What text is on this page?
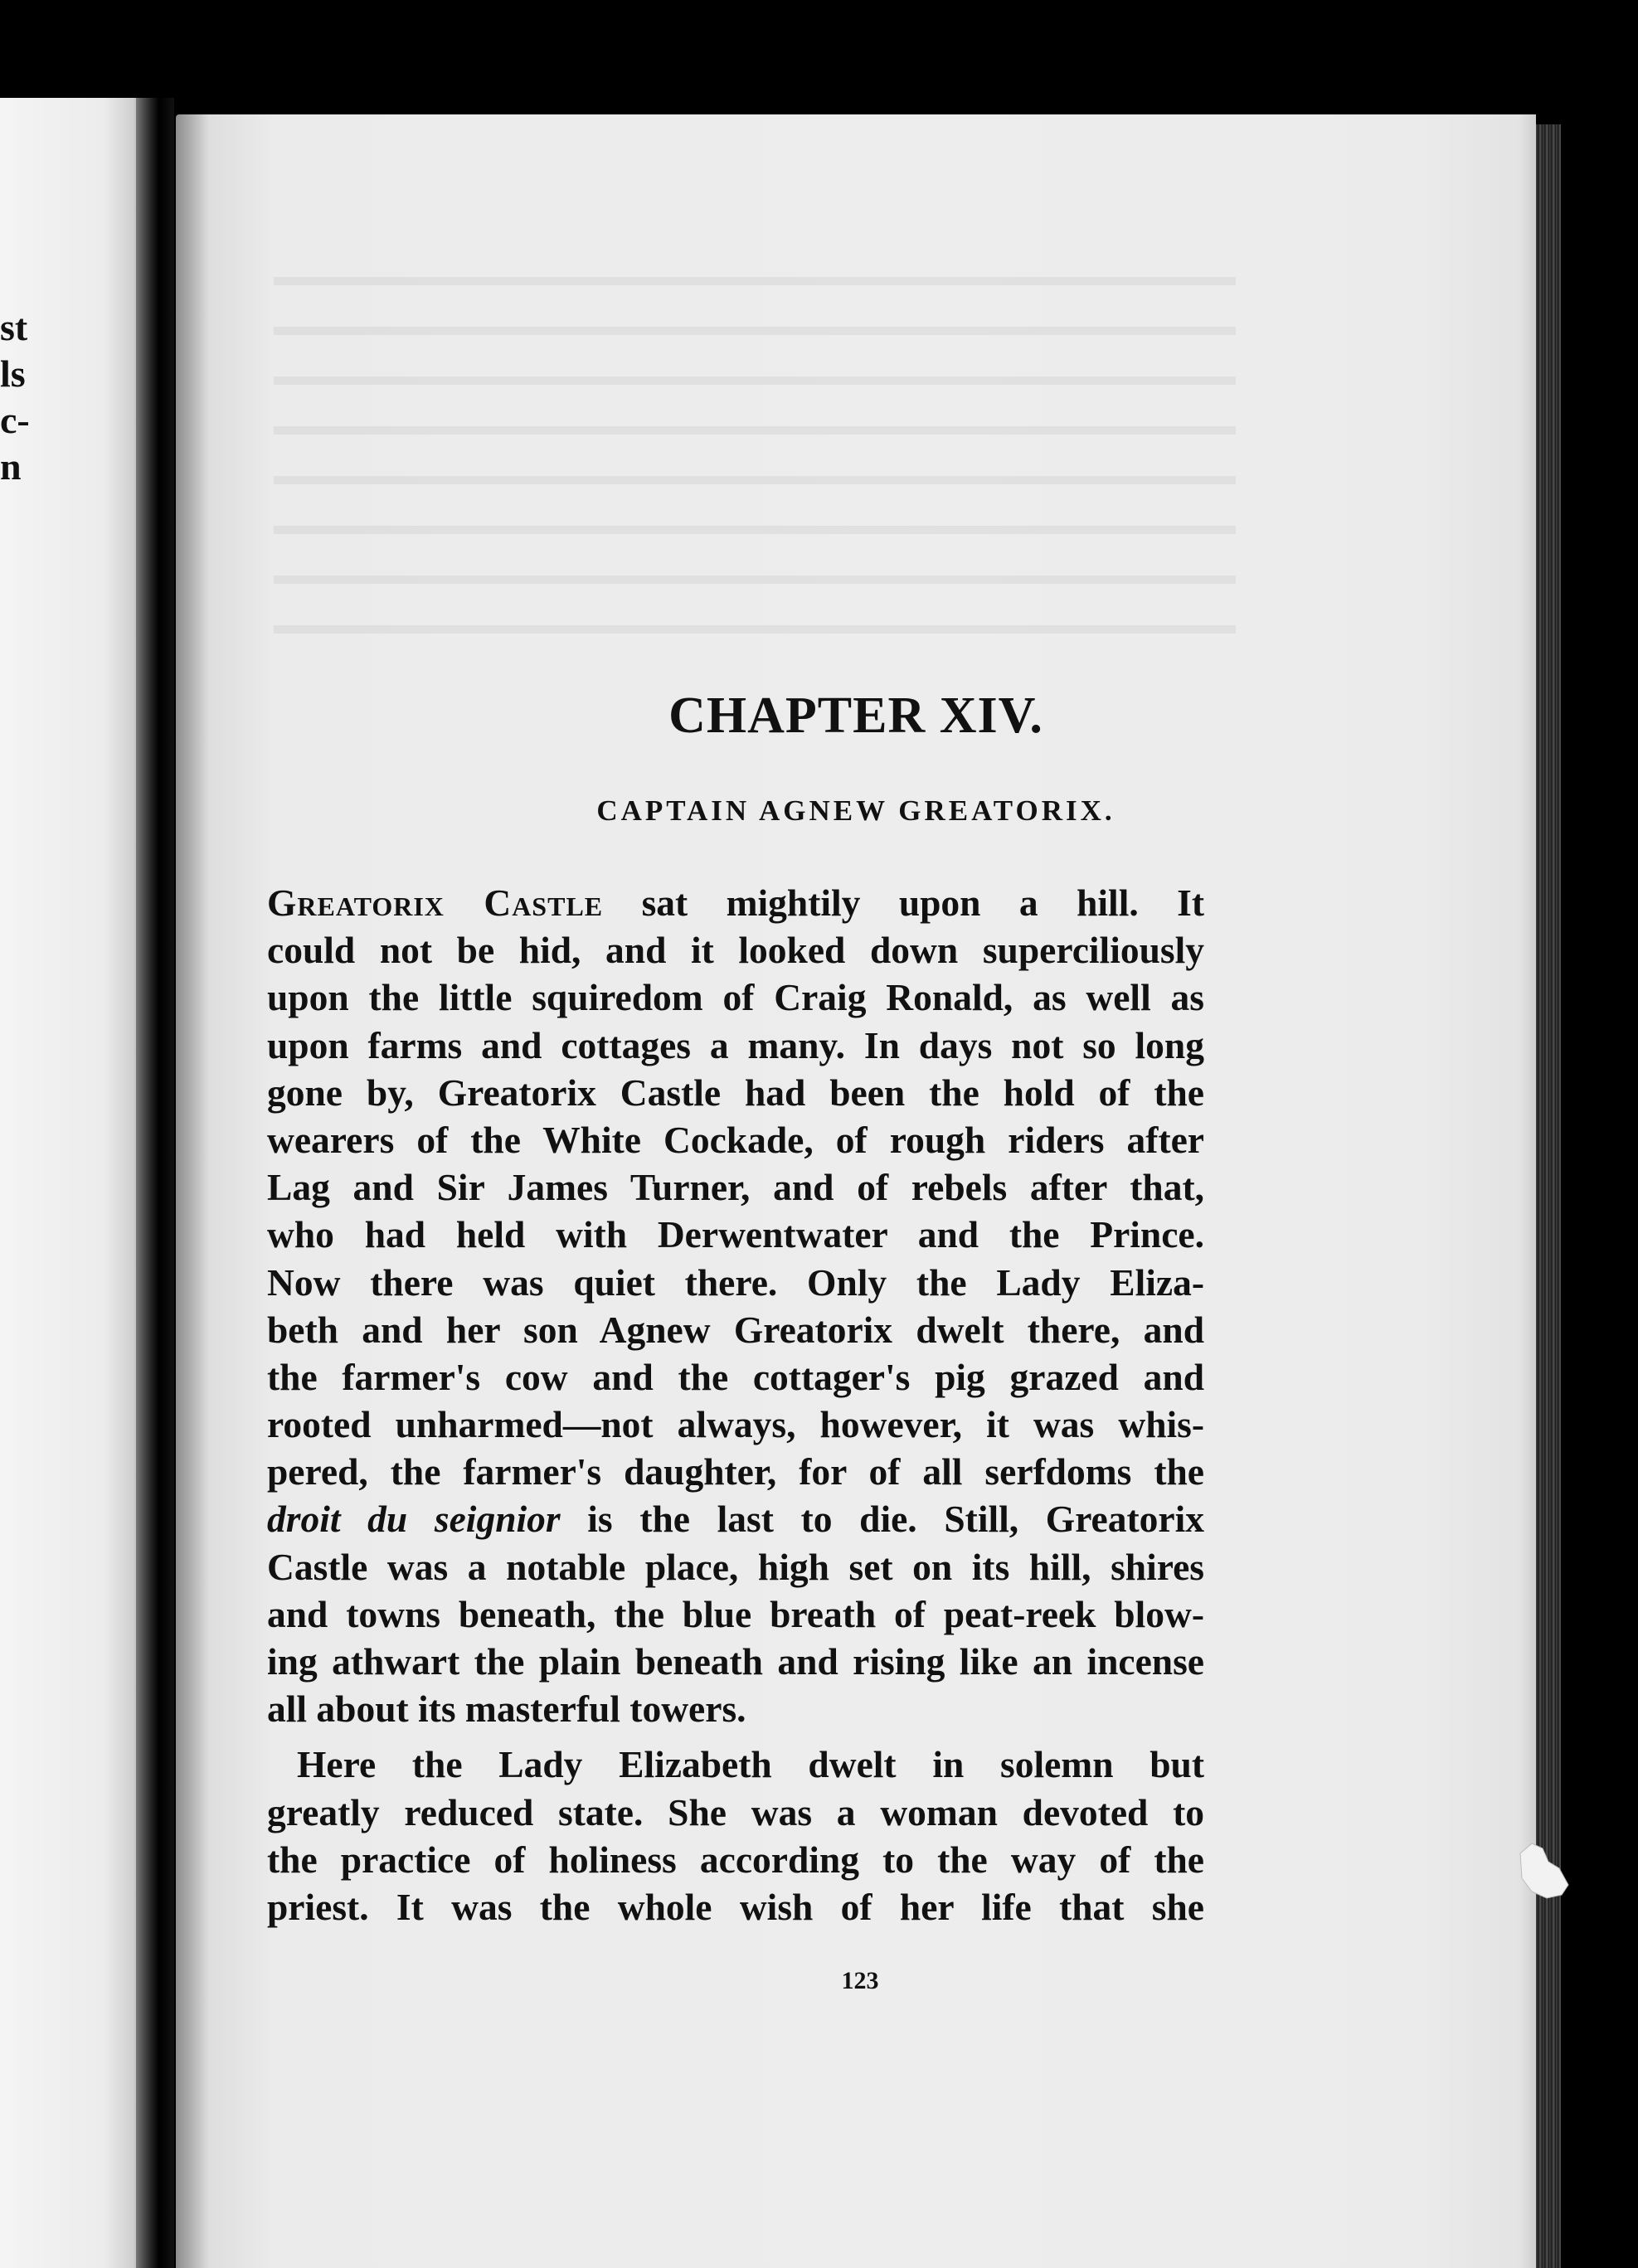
st
ls
c-
n
CHAPTER XIV.
CAPTAIN AGNEW GREATORIX.
Greatorix Castle sat mightily upon a hill. It
could not be hid, and it looked down superciliously
upon the little squiredom of Craig Ronald, as well as
upon farms and cottages a many. In days not so long
gone by, Greatorix Castle had been the hold of the
wearers of the White Cockade, of rough riders after
Lag and Sir James Turner, and of rebels after that,
who had held with Derwentwater and the Prince.
Now there was quiet there. Only the Lady Eliza-
beth and her son Agnew Greatorix dwelt there, and
the farmer's cow and the cottager's pig grazed and
rooted unharmed—not always, however, it was whis-
pered, the farmer's daughter, for of all serfdoms the
droit du seignior is the last to die. Still, Greatorix
Castle was a notable place, high set on its hill, shires
and towns beneath, the blue breath of peat-reek blow-
ing athwart the plain beneath and rising like an incense
all about its masterful towers.
Here the Lady Elizabeth dwelt in solemn but
greatly reduced state. She was a woman devoted to
the practice of holiness according to the way of the
priest. It was the whole wish of her life that she
123
